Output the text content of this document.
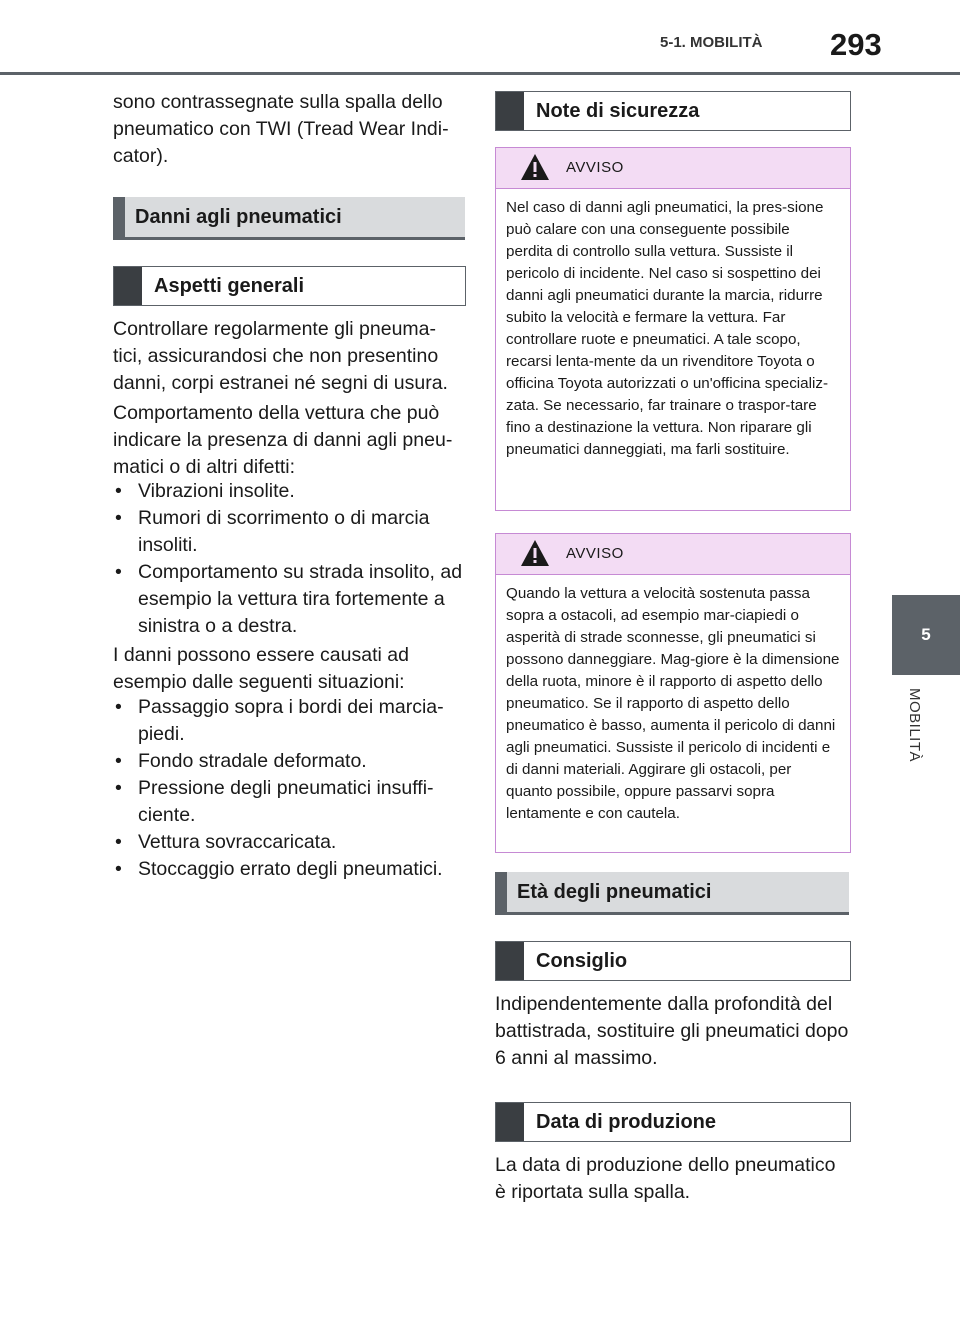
5-1. MOBILITÀ 293
5
MOBILITÀ

sono contrassegnate sulla spalla dello pneumatico con TWI (Tread Wear Indi-cator).

Danni agli pneumatici
Aspetti generali

Controllare regolarmente gli pneuma-tici, assicurandosi che non presentino danni, corpi estranei né segni di usura.

Comportamento della vettura che può indicare la presenza di danni agli pneu-matici o di altri difetti:

• Vibrazioni insolite.
• Rumori di scorrimento o di marcia insoliti.
• Comportamento su strada insolito, ad esempio la vettura tira fortemente a sinistra o a destra.

I danni possono essere causati ad esempio dalle seguenti situazioni:

• Passaggio sopra i bordi dei marcia-piedi.
• Fondo stradale deformato.
• Pressione degli pneumatici insuffi-ciente.
• Vettura sovraccaricata.
• Stoccaggio errato degli pneumatici.
Note di sicurezza
AVVISO
Nel caso di danni agli pneumatici, la pres-sione può calare con una conseguente possibile perdita di controllo sulla vettura. Sussiste il pericolo di incidente. Nel caso si sospettino dei danni agli pneumatici durante la marcia, ridurre subito la velocità e fermare la vettura. Far controllare ruote e pneumatici. A tale scopo, recarsi lenta-mente da un rivenditore Toyota o officina Toyota autorizzati o un'officina specializ-zata. Se necessario, far trainare o traspor-tare fino a destinazione la vettura. Non riparare gli pneumatici danneggiati, ma farli sostituire.
AVVISO
Quando la vettura a velocità sostenuta passa sopra a ostacoli, ad esempio mar-ciapiedi o asperità di strade sconnesse, gli pneumatici si possono danneggiare. Mag-giore è la dimensione della ruota, minore è il rapporto di aspetto dello pneumatico. Se il rapporto di aspetto dello pneumatico è basso, aumenta il pericolo di danni agli pneumatici. Sussiste il pericolo di incidenti e di danni materiali. Aggirare gli ostacoli, per quanto possibile, oppure passarvi sopra lentamente e con cautela.
Età degli pneumatici
Consiglio

Indipendentemente dalla profondità del battistrada, sostituire gli pneumatici dopo 6 anni al massimo.

Data di produzione

La data di produzione dello pneumatico è riportata sulla spalla.
